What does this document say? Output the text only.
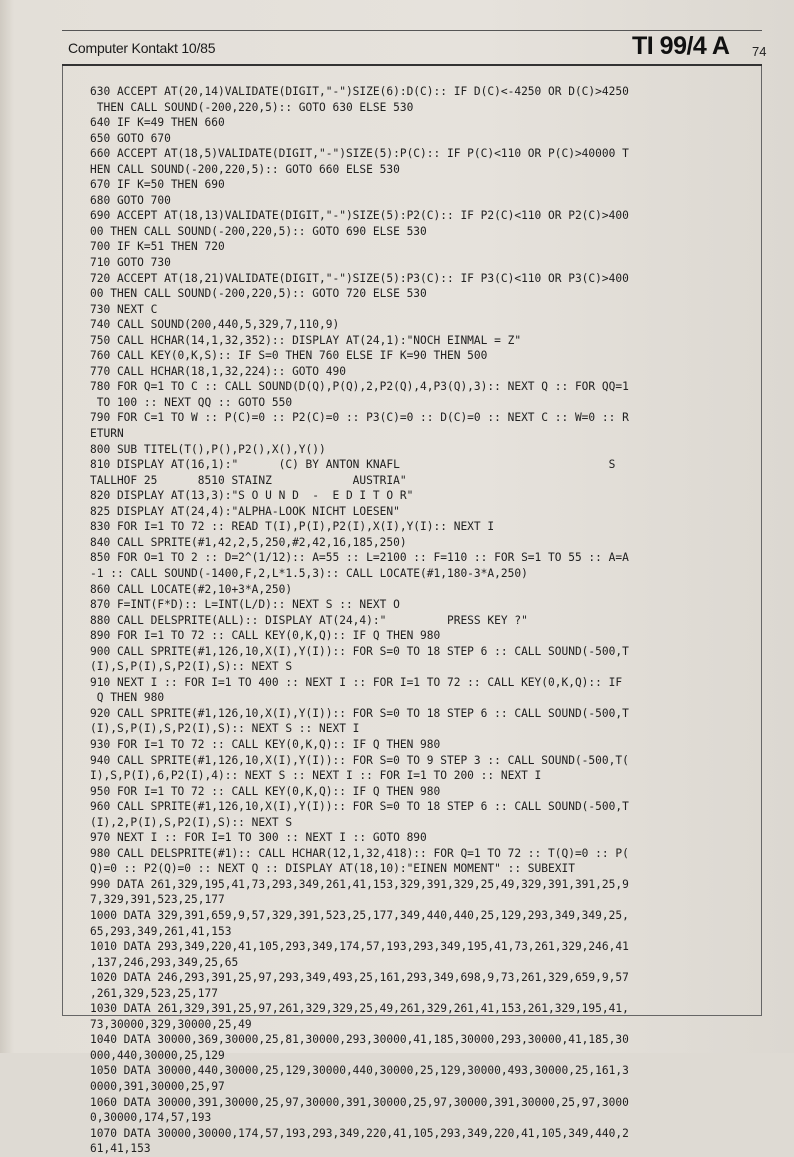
Computer Kontakt 10/85	TI 99/4 A 74
630 ACCEPT AT(20,14)VALIDATE(DIGIT,"-")SIZE(6):D(C):: IF D(C)<-4250 OR D(C)>4250
THEN CALL SOUND(-200,220,5):: GOTO 630 ELSE 530
640 IF K=49 THEN 660
650 GOTO 670
660 ACCEPT AT(18,5)VALIDATE(DIGIT,"-")SIZE(5):P(C):: IF P(C)<110 OR P(C)>40000 T
HEN CALL SOUND(-200,220,5):: GOTO 660 ELSE 530
670 IF K=50 THEN 690
680 GOTO 700
690 ACCEPT AT(18,13)VALIDATE(DIGIT,"-")SIZE(5):P2(C):: IF P2(C)<110 OR P2(C)>400
00 THEN CALL SOUND(-200,220,5):: GOTO 690 ELSE 530
700 IF K=51 THEN 720
710 GOTO 730
720 ACCEPT AT(18,21)VALIDATE(DIGIT,"-")SIZE(5):P3(C):: IF P3(C)<110 OR P3(C)>400
00 THEN CALL SOUND(-200,220,5):: GOTO 720 ELSE 530
730 NEXT C
740 CALL SOUND(200,440,5,329,7,110,9)
750 CALL HCHAR(14,1,32,352):: DISPLAY AT(24,1):"NOCH EINMAL = Z"
760 CALL KEY(0,K,S):: IF S=0 THEN 760 ELSE IF K=90 THEN 500
770 CALL HCHAR(18,1,32,224):: GOTO 490
780 FOR Q=1 TO C :: CALL SOUND(D(Q),P(Q),2,P2(Q),4,P3(Q),3):: NEXT Q :: FOR QQ=1
TO 100 :: NEXT QQ :: GOTO 550
790 FOR C=1 TO W :: P(C)=0 :: P2(C)=0 :: P3(C)=0 :: D(C)=0 :: NEXT C :: W=0 :: R
ETURN
800 SUB TITEL(T(),P(),P2(),X(),Y())
810 DISPLAY AT(16,1):"      (C) BY ANTON KNAFL                               S
TALLHOF 25      8510 STAINZ            AUSTRIA"
820 DISPLAY AT(13,3):"S O U N D  -  E D I T O R"
825 DISPLAY AT(24,4):"ALPHA-LOOK NICHT LOESEN"
830 FOR I=1 TO 72 :: READ T(I),P(I),P2(I),X(I),Y(I):: NEXT I
840 CALL SPRITE(#1,42,2,5,250,#2,42,16,185,250)
850 FOR O=1 TO 2 :: D=2^(1/12):: A=55 :: L=2100 :: F=110 :: FOR S=1 TO 55 :: A=A
-1 :: CALL SOUND(-1400,F,2,L*1.5,3):: CALL LOCATE(#1,180-3*A,250)
860 CALL LOCATE(#2,10+3*A,250)
870 F=INT(F*D):: L=INT(L/D):: NEXT S :: NEXT O
880 CALL DELSPRITE(ALL):: DISPLAY AT(24,4):"         PRESS KEY ?"
890 FOR I=1 TO 72 :: CALL KEY(0,K,Q):: IF Q THEN 980
900 CALL SPRITE(#1,126,10,X(I),Y(I)):: FOR S=0 TO 18 STEP 6 :: CALL SOUND(-500,T
(I),S,P(I),S,P2(I),S):: NEXT S
910 NEXT I :: FOR I=1 TO 400 :: NEXT I :: FOR I=1 TO 72 :: CALL KEY(0,K,Q):: IF
Q THEN 980
920 CALL SPRITE(#1,126,10,X(I),Y(I)):: FOR S=0 TO 18 STEP 6 :: CALL SOUND(-500,T
(I),S,P(I),S,P2(I),S):: NEXT S :: NEXT I
930 FOR I=1 TO 72 :: CALL KEY(0,K,Q):: IF Q THEN 980
940 CALL SPRITE(#1,126,10,X(I),Y(I)):: FOR S=0 TO 9 STEP 3 :: CALL SOUND(-500,T(
I),S,P(I),6,P2(I),4):: NEXT S :: NEXT I :: FOR I=1 TO 200 :: NEXT I
950 FOR I=1 TO 72 :: CALL KEY(0,K,Q):: IF Q THEN 980
960 CALL SPRITE(#1,126,10,X(I),Y(I)):: FOR S=0 TO 18 STEP 6 :: CALL SOUND(-500,T
(I),2,P(I),S,P2(I),S):: NEXT S
970 NEXT I :: FOR I=1 TO 300 :: NEXT I :: GOTO 890
980 CALL DELSPRITE(#1):: CALL HCHAR(12,1,32,418):: FOR Q=1 TO 72 :: T(Q)=0 :: P(
Q)=0 :: P2(Q)=0 :: NEXT Q :: DISPLAY AT(18,10):"EINEN MOMENT" :: SUBEXIT
990 DATA 261,329,195,41,73,293,349,261,41,153,329,391,329,25,49,329,391,391,25,9
7,329,391,523,25,177
1000 DATA 329,391,659,9,57,329,391,523,25,177,349,440,440,25,129,293,349,349,25,
65,293,349,261,41,153
1010 DATA 293,349,220,41,105,293,349,174,57,193,293,349,195,41,73,261,329,246,41
,137,246,293,349,25,65
1020 DATA 246,293,391,25,97,293,349,493,25,161,293,349,698,9,73,261,329,659,9,57
,261,329,523,25,177
1030 DATA 261,329,391,25,97,261,329,329,25,49,261,329,261,41,153,261,329,195,41,
73,30000,329,30000,25,49
1040 DATA 30000,369,30000,25,81,30000,293,30000,41,185,30000,293,30000,41,185,30
000,440,30000,25,129
1050 DATA 30000,440,30000,25,129,30000,440,30000,25,129,30000,493,30000,25,161,3
0000,391,30000,25,97
1060 DATA 30000,391,30000,25,97,30000,391,30000,25,97,30000,391,30000,25,97,3000
0,30000,174,57,193
1070 DATA 30000,30000,174,57,193,293,349,220,41,105,293,349,220,41,105,349,440,2
61,41,153
